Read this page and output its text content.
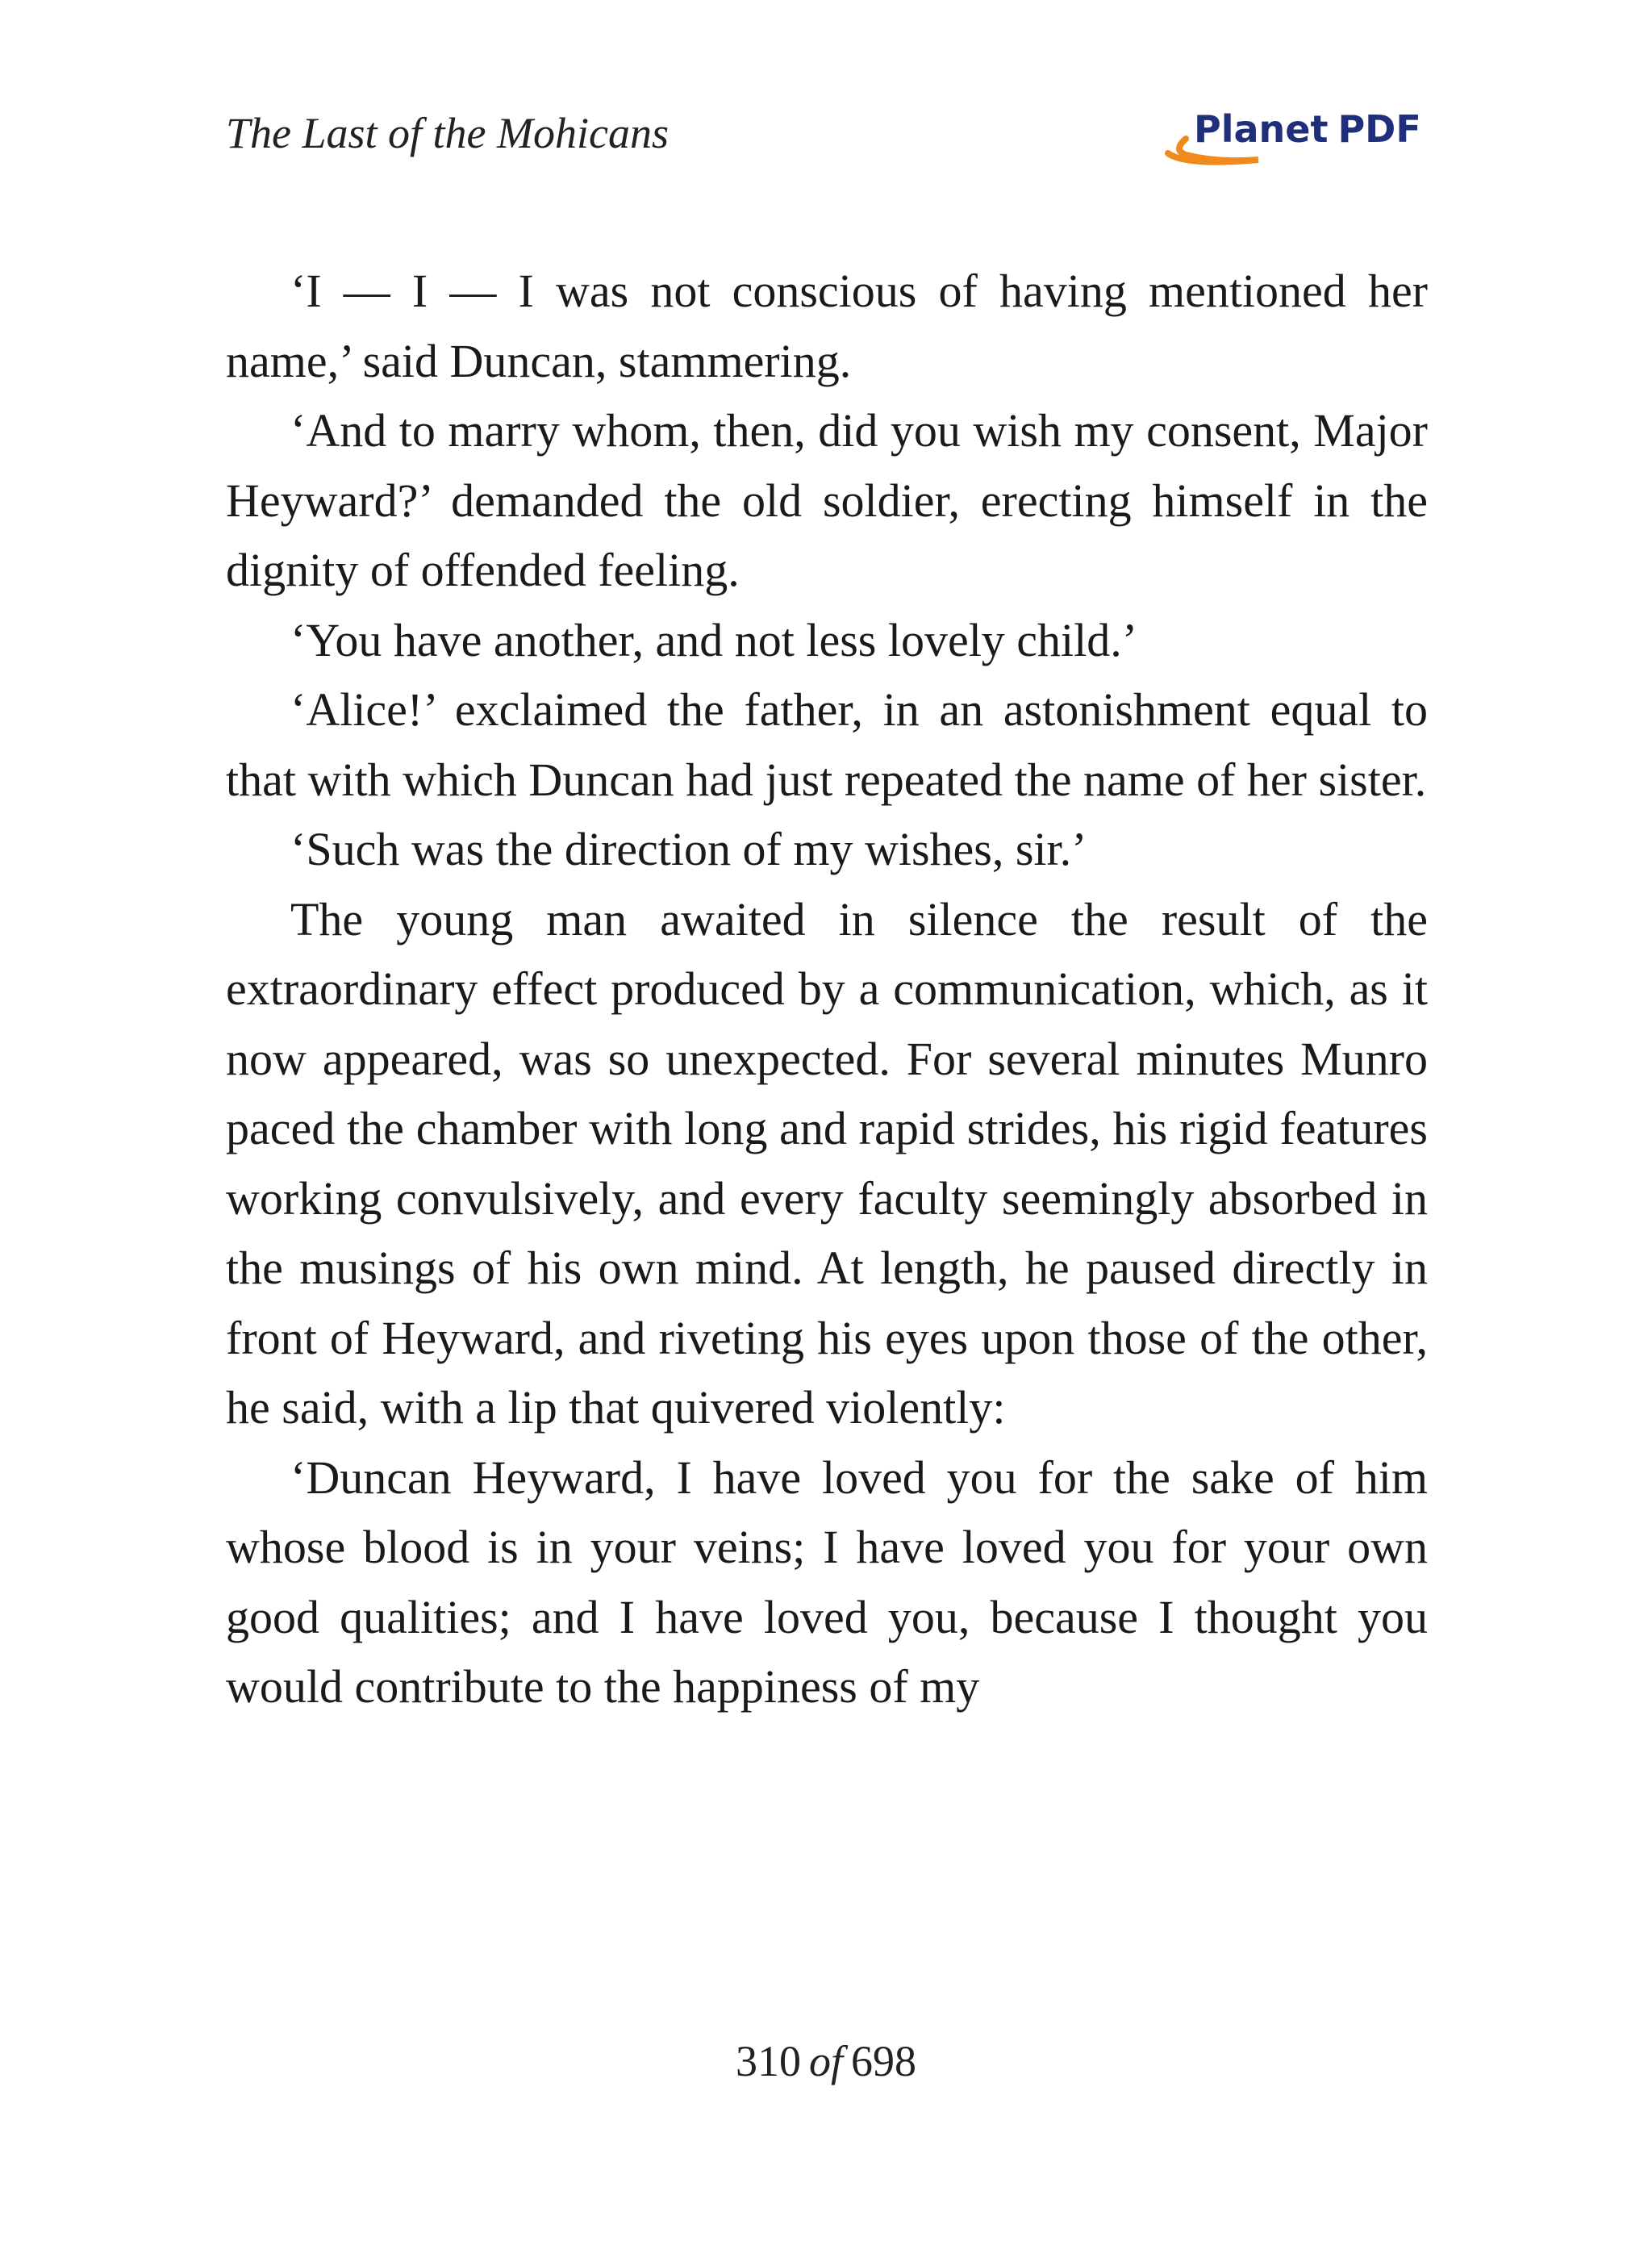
The Last of the Mohicans	Planet PDF

‘I — I — I was not conscious of having mentioned her name,’ said Duncan, stammering.

‘And to marry whom, then, did you wish my consent, Major Heyward?’ demanded the old soldier, erecting himself in the dignity of offended feeling.

‘You have another, and not less lovely child.’

‘Alice!’ exclaimed the father, in an astonishment equal to that with which Duncan had just repeated the name of her sister.

‘Such was the direction of my wishes, sir.’

The young man awaited in silence the result of the extraordinary effect produced by a communication, which, as it now appeared, was so unexpected. For several minutes Munro paced the chamber with long and rapid strides, his rigid features working convulsively, and every faculty seemingly absorbed in the musings of his own mind. At length, he paused directly in front of Heyward, and riveting his eyes upon those of the other, he said, with a lip that quivered violently:

‘Duncan Heyward, I have loved you for the sake of him whose blood is in your veins; I have loved you for your own good qualities; and I have loved you, because I thought you would contribute to the happiness of my

310 of 698
